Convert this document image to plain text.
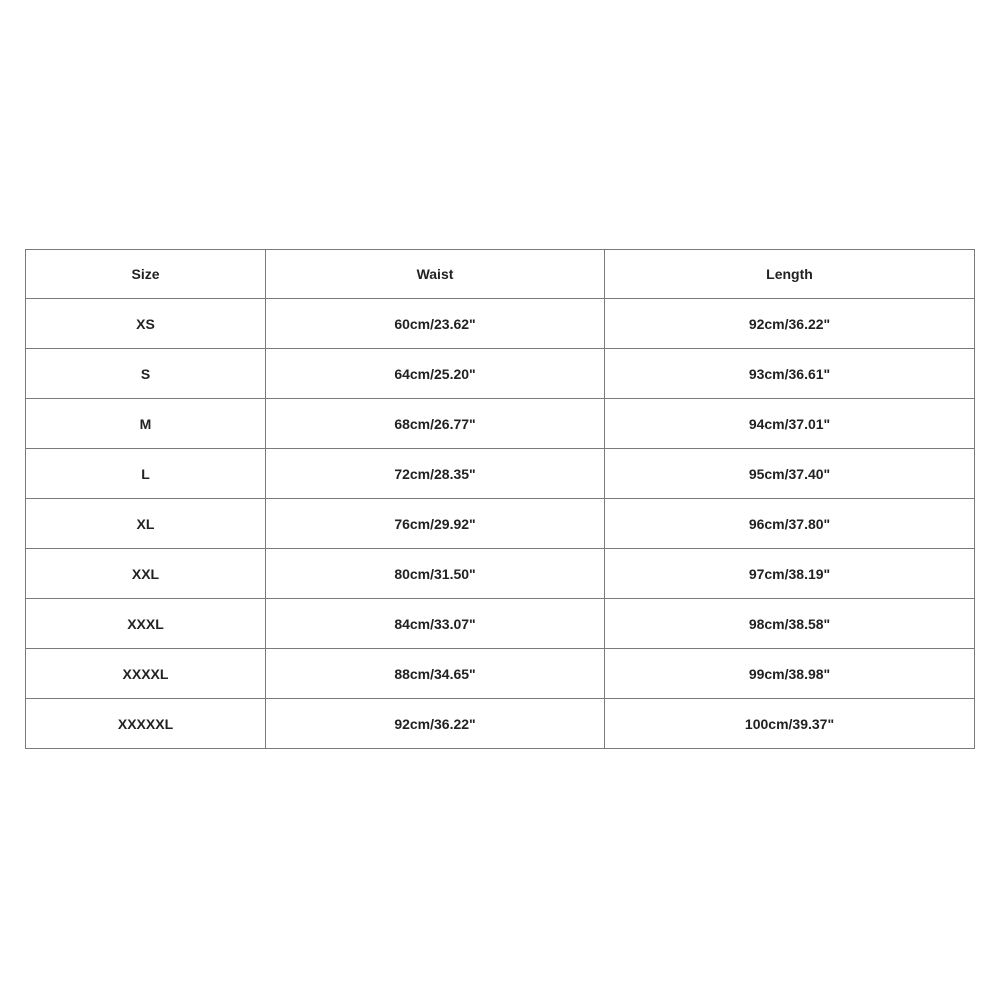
Size	Waist	Length
XS	60cm/23.62"	92cm/36.22"
S	64cm/25.20"	93cm/36.61"
M	68cm/26.77"	94cm/37.01"
L	72cm/28.35"	95cm/37.40"
XL	76cm/29.92"	96cm/37.80"
XXL	80cm/31.50"	97cm/38.19"
XXXL	84cm/33.07"	98cm/38.58"
XXXXL	88cm/34.65"	99cm/38.98"
XXXXXL	92cm/36.22"	100cm/39.37"
